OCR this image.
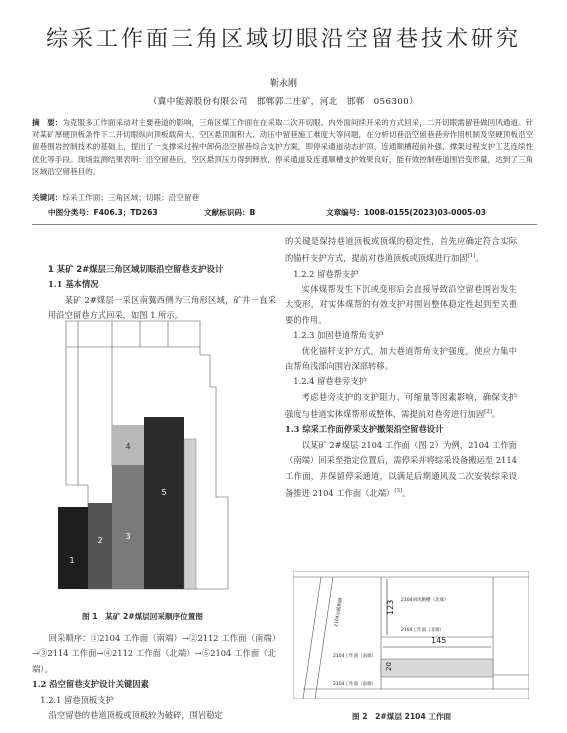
综采工作面三角区域切眼沿空留巷技术研究
靳永刚
（冀中能源股份有限公司　邯郸郭二庄矿，河北　邯郸　056300）

摘　要：为克服多工作面采动对主要巷道的影响，三角区煤工作面在在采取二次开切眼、内外面间续开采的方式回采，二开切眼需留巷做回风通道。针对某矿厚硬顶板条件下二开切眼纵向顶板载荷大、空区悬顶面积大、动压中留巷施工难度大等问题，在分析切巷沿空留巷巷旁作用机制及坚硬顶板沿空留巷围岩控制技术的基础上，提出了一支撑采过程中卸荷沿空留巷综合支护方案，即停采通道动态护顶、连通顺槽超前补强、撑架过程支护工艺连续性优化等手段。现场监测结果表明：沿空留巷后，空区悬顶压力得到释放，停采通道及连通顺槽支护效果良好，能有效控制巷道围岩变形量，达到了三角区域沿空留巷目的。

关键词：综采工作面；三角区域；切眼；沿空留巷
中图分类号：F406.3；TD263	文献标识码：B	文章编号：1008-0155(2023)03-0005-03

1 某矿 2#煤层三角区域切眼沿空留巷支护设计

1.1 基本情况

某矿 2#煤层一采区南翼西侧为三角形区域，矿井一直采用沿空留巷方式回采，如图 1 所示。

1
2	3
4
5
图 1　某矿 2#煤层回采顺序位置图

回采顺序：①2104 工作面（南端）→②2112 工作面（南端）→③2114 工作面→④2112 工作面（北端）→⑤2104 工作面（北端）。

1.2 沿空留巷支护设计关键因素

1.2.1 留巷顶板支护

沿空留巷的巷道顶板或顶板较为破碎，围岩稳定

的关键是保持巷道顶板或顶煤的稳定性，首先应确定符合实际的锚杆支护方式，提前对巷道顶板或顶煤进行加固[1]。

1.2.2 留巷帮支护

实体煤帮发生下沉或变形后会直接导致沿空留巷围岩发生大变形，对实体煤帮的有效支护对围岩整体稳定性起到至关重要的作用。

1.2.3 加固巷道帮角支护

优化锚杆支护方式，加大巷道帮角支护强度，使应力集中由帮角浅部向围岩深部转移。

1.2.4 留巷巷旁支护

考虑巷旁支护的支护阻力、可缩量等因素影响，确保支护强度与巷道实体煤帮形成整体，需提前对巷旁进行加固[2]。

1.3 综采工作面停采支护撤架沿空留巷设计

以某矿 2#煤层 2104 工作面（图 2）为例，2104 工作面（南端）回采至指定位置后，需停采并将综采设备搬运至 2114 工作面，并保留停采通道，以满足后期通风及二次安装综采设备推进 2104 工作面（北端）[3]。

123
145
20
2104回风顺槽（北端）
2104工作面（北端）
2104工作面（南端）
2104工作面（南端）
2104运输顺槽
图 2　2#煤层 2104 工作面
